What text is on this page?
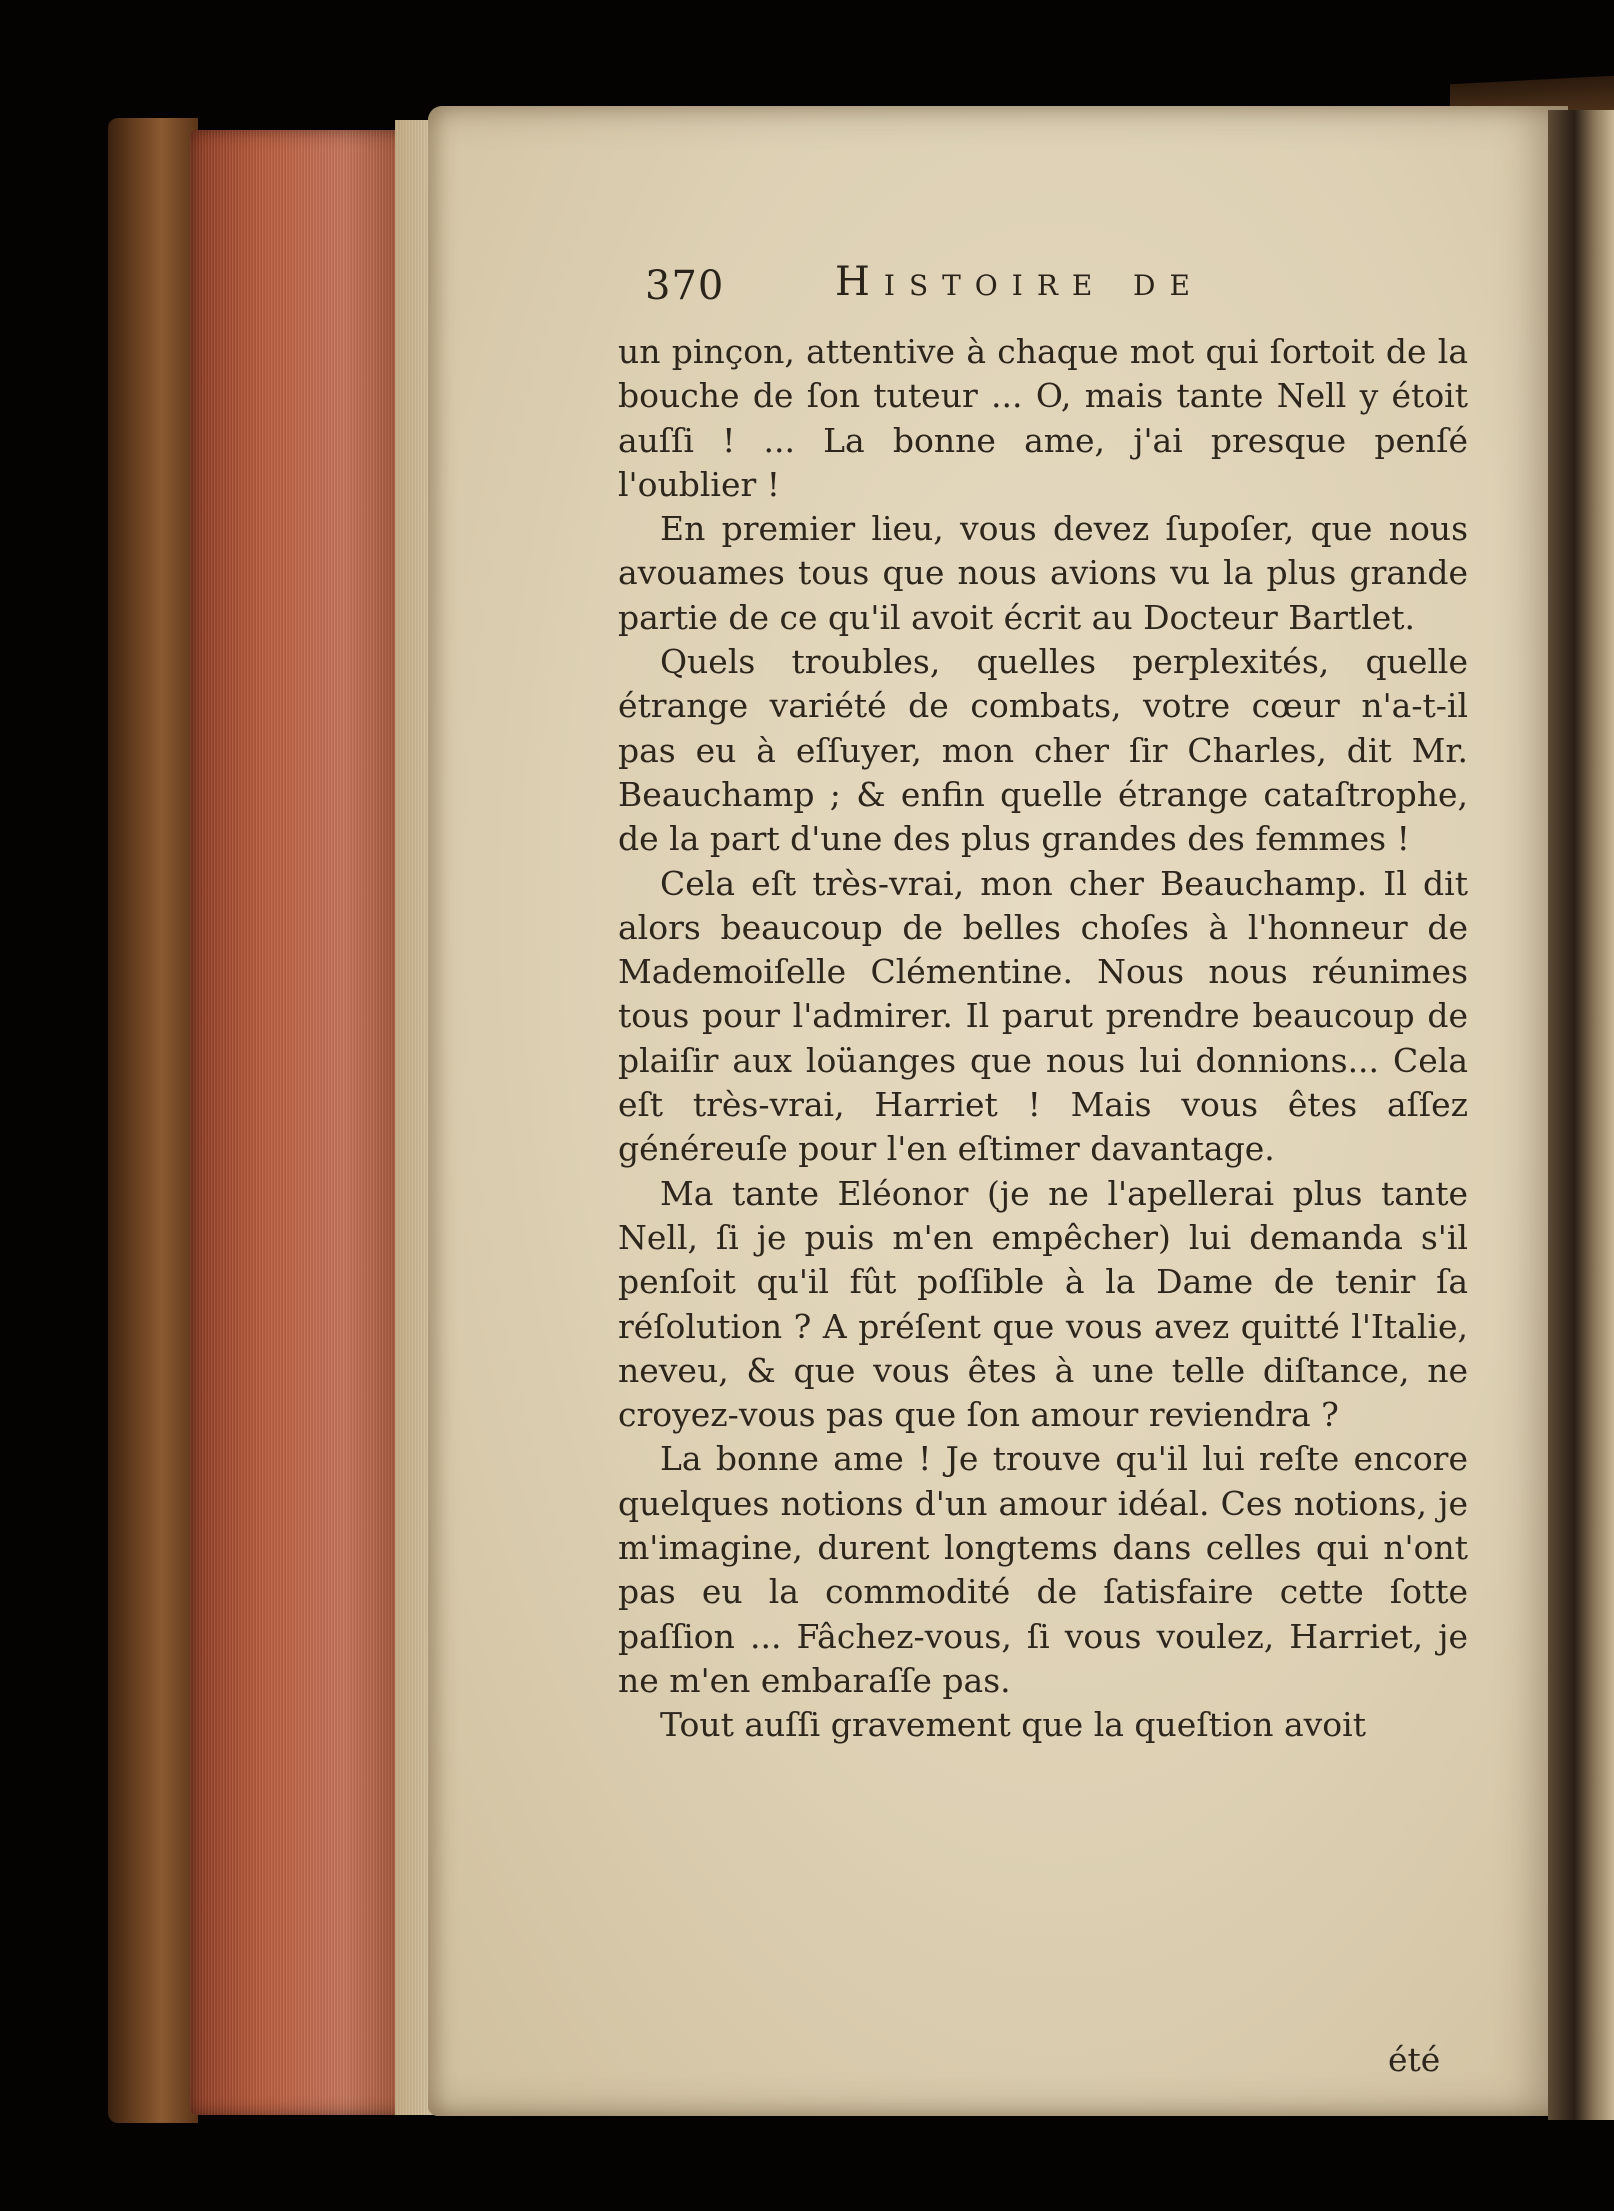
370	Histoire de

un pinçon, attentive à chaque mot qui ſortoit de la bouche de ſon tuteur ... O, mais tante Nell y étoit auſſi ! ... La bonne ame, j'ai presque penſé l'oublier !

En premier lieu, vous devez ſupoſer, que nous avouames tous que nous avions vu la plus grande partie de ce qu'il avoit écrit au Docteur Bartlet.

Quels troubles, quelles perplexités, quelle étrange variété de combats, votre cœur n'a-t-il pas eu à eſſuyer, mon cher ſir Charles, dit Mr. Beauchamp ; & enfin quelle étrange cataſtrophe, de la part d'une des plus grandes des femmes !

Cela eſt très-vrai, mon cher Beauchamp. Il dit alors beaucoup de belles choſes à l'honneur de Mademoiſelle Clémentine. Nous nous réunimes tous pour l'admirer. Il parut prendre beaucoup de plaiſir aux loüanges que nous lui donnions... Cela eſt très-vrai, Harriet ! Mais vous êtes aſſez généreuſe pour l'en eſtimer davantage.

Ma tante Eléonor (je ne l'apellerai plus tante Nell, ſi je puis m'en empêcher) lui demanda s'il penſoit qu'il fût poſſible à la Dame de tenir ſa réſolution ? A préſent que vous avez quitté l'Italie, neveu, & que vous êtes à une telle diſtance, ne croyez-vous pas que ſon amour reviendra ?

La bonne ame ! Je trouve qu'il lui reſte encore quelques notions d'un amour idéal. Ces notions, je m'imagine, durent longtems dans celles qui n'ont pas eu la commodité de ſatisfaire cette ſotte paſſion ... Fâchez-vous, ſi vous voulez, Harriet, je ne m'en embaraſſe pas.

Tout auſſi gravement que la queſtion avoit

été
